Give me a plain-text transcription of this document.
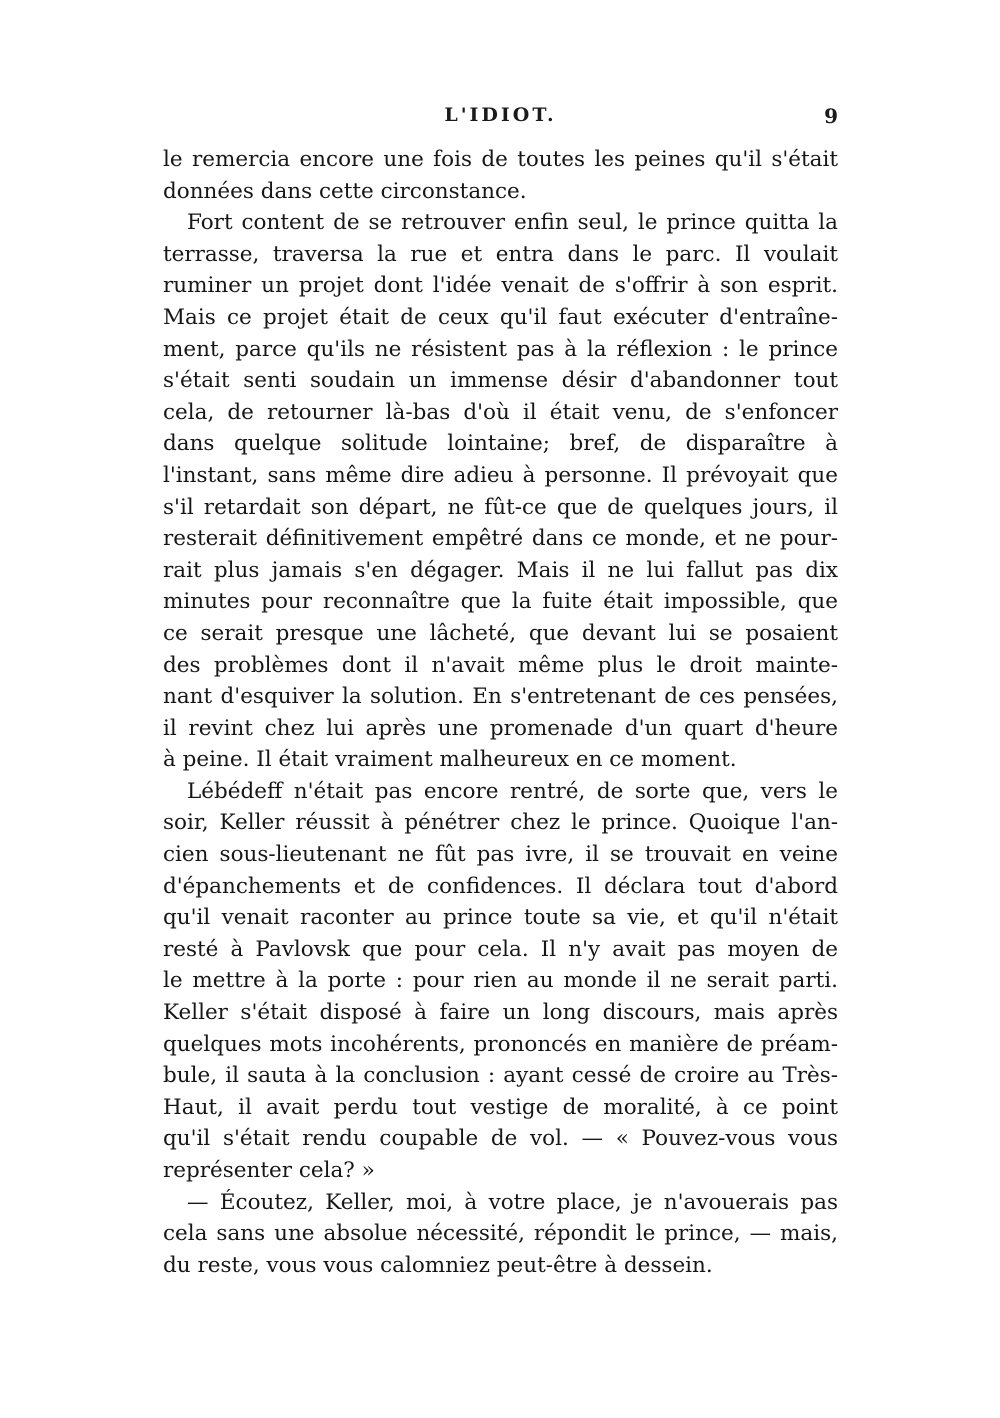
L'IDIOT.	9
le remercia encore une fois de toutes les peines qu'il s'était
données dans cette circonstance.
Fort content de se retrouver enfin seul, le prince quitta la
terrasse, traversa la rue et entra dans le parc. Il voulait
ruminer un projet dont l'idée venait de s'offrir à son esprit.
Mais ce projet était de ceux qu'il faut exécuter d'entraîne-
ment, parce qu'ils ne résistent pas à la réflexion : le prince
s'était senti soudain un immense désir d'abandonner tout
cela, de retourner là-bas d'où il était venu, de s'enfoncer
dans quelque solitude lointaine; bref, de disparaître à
l'instant, sans même dire adieu à personne. Il prévoyait que
s'il retardait son départ, ne fût-ce que de quelques jours, il
resterait définitivement empêtré dans ce monde, et ne pour-
rait plus jamais s'en dégager. Mais il ne lui fallut pas dix
minutes pour reconnaître que la fuite était impossible, que
ce serait presque une lâcheté, que devant lui se posaient
des problèmes dont il n'avait même plus le droit mainte-
nant d'esquiver la solution. En s'entretenant de ces pensées,
il revint chez lui après une promenade d'un quart d'heure
à peine. Il était vraiment malheureux en ce moment.
Lébédeff n'était pas encore rentré, de sorte que, vers le
soir, Keller réussit à pénétrer chez le prince. Quoique l'an-
cien sous-lieutenant ne fût pas ivre, il se trouvait en veine
d'épanchements et de confidences. Il déclara tout d'abord
qu'il venait raconter au prince toute sa vie, et qu'il n'était
resté à Pavlovsk que pour cela. Il n'y avait pas moyen de
le mettre à la porte : pour rien au monde il ne serait parti.
Keller s'était disposé à faire un long discours, mais après
quelques mots incohérents, prononcés en manière de préam-
bule, il sauta à la conclusion : ayant cessé de croire au Très-
Haut, il avait perdu tout vestige de moralité, à ce point
qu'il s'était rendu coupable de vol. — « Pouvez-vous vous
représenter cela? »
— Écoutez, Keller, moi, à votre place, je n'avouerais pas
cela sans une absolue nécessité, répondit le prince, — mais,
du reste, vous vous calomniez peut-être à dessein.
